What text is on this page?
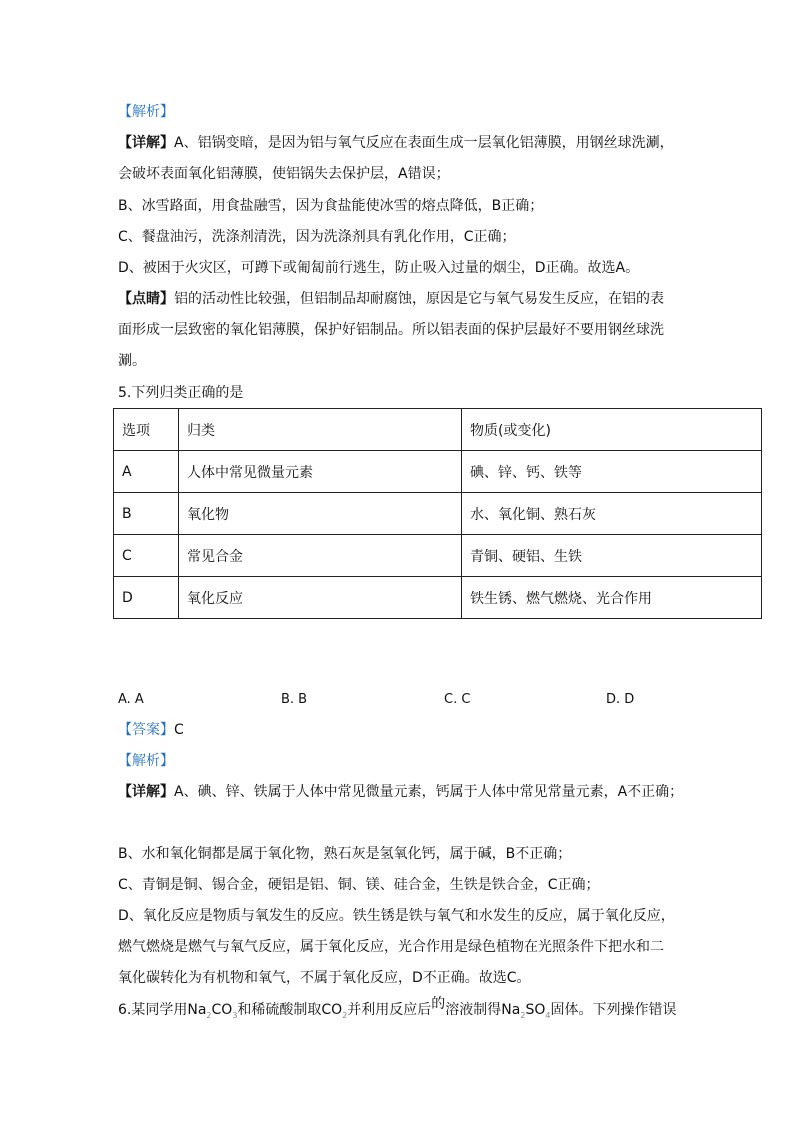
【解析】
【详解】A、铝锅变暗，是因为铝与氧气反应在表面生成一层氧化铝薄膜，用钢丝球洗涮，
会破坏表面氧化铝薄膜，使铝锅失去保护层，A错误；
B、冰雪路面，用食盐融雪，因为食盐能使冰雪的熔点降低，B正确；
C、餐盘油污，洗涤剂清洗，因为洗涤剂具有乳化作用，C正确；
D、被困于火灾区，可蹲下或匍匐前行逃生，防止吸入过量的烟尘，D正确。故选A。
【点睛】铝的活动性比较强，但铝制品却耐腐蚀，原因是它与氧气易发生反应，在铝的表
面形成一层致密的氧化铝薄膜，保护好铝制品。所以铝表面的保护层最好不要用钢丝球洗
涮。
5.下列归类正确的是
选项	归类	物质(或变化)
A	人体中常见微量元素	碘、锌、钙、铁等
B	氧化物	水、氧化铜、熟石灰
C	常见合金	青铜、硬铝、生铁
D	氧化反应	铁生锈、燃气燃烧、光合作用
A. A	B. B	C. C	D. D
【答案】C
【解析】
【详解】A、碘、锌、铁属于人体中常见微量元素，钙属于人体中常见常量元素，A不正确；
B、水和氧化铜都是属于氧化物，熟石灰是氢氧化钙，属于碱，B不正确；
C、青铜是铜、锡合金，硬铝是铝、铜、镁、硅合金，生铁是铁合金，C正确；
D、氧化反应是物质与氧发生的反应。铁生锈是铁与氧气和水发生的反应，属于氧化反应，
燃气燃烧是燃气与氧气反应，属于氧化反应，光合作用是绿色植物在光照条件下把水和二
氧化碳转化为有机物和氧气，不属于氧化反应，D不正确。故选C。
6.某同学用$Na_2CO_3$和稀硫酸制取$CO_2$并利用反应后的溶液制得$Na_2SO_4$固体。下列操作错误
